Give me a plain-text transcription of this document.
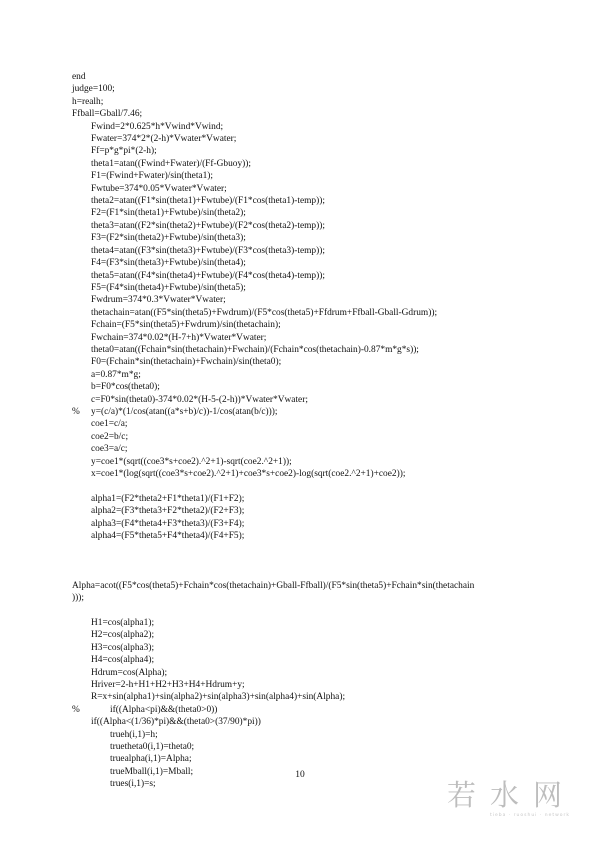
end
judge=100;
h=realh;
Ffball=Gball/7.46;
Fwind=2*0.625*h*Vwind*Vwind;
Fwater=374*2*(2-h)*Vwater*Vwater;
Ff=p*g*pi*(2-h);
theta1=atan((Fwind+Fwater)/(Ff-Gbuoy));
F1=(Fwind+Fwater)/sin(theta1);
Fwtube=374*0.05*Vwater*Vwater;
theta2=atan((F1*sin(theta1)+Fwtube)/(F1*cos(theta1)-temp));
F2=(F1*sin(theta1)+Fwtube)/sin(theta2);
theta3=atan((F2*sin(theta2)+Fwtube)/(F2*cos(theta2)-temp));
F3=(F2*sin(theta2)+Fwtube)/sin(theta3);
theta4=atan((F3*sin(theta3)+Fwtube)/(F3*cos(theta3)-temp));
F4=(F3*sin(theta3)+Fwtube)/sin(theta4);
theta5=atan((F4*sin(theta4)+Fwtube)/(F4*cos(theta4)-temp));
F5=(F4*sin(theta4)+Fwtube)/sin(theta5);
Fwdrum=374*0.3*Vwater*Vwater;
thetachain=atan((F5*sin(theta5)+Fwdrum)/(F5*cos(theta5)+Ffdrum+Ffball-Gball-Gdrum));
Fchain=(F5*sin(theta5)+Fwdrum)/sin(thetachain);
Fwchain=374*0.02*(H-7+h)*Vwater*Vwater;
theta0=atan((Fchain*sin(thetachain)+Fwchain)/(Fchain*cos(thetachain)-0.87*m*g*s));
F0=(Fchain*sin(thetachain)+Fwchain)/sin(theta0);
a=0.87*m*g;
b=F0*cos(theta0);
c=F0*sin(theta0)-374*0.02*(H-5-(2-h))*Vwater*Vwater;
% y=(c/a)*(1/cos(atan((a*s+b)/c))-1/cos(atan(b/c)));
coe1=c/a;
coe2=b/c;
coe3=a/c;
y=coe1*(sqrt((coe3*s+coe2).^2+1)-sqrt(coe2.^2+1));
x=coe1*(log(sqrt((coe3*s+coe2).^2+1)+coe3*s+coe2)-log(sqrt(coe2.^2+1)+coe2));
alpha1=(F2*theta2+F1*theta1)/(F1+F2);
alpha2=(F3*theta3+F2*theta2)/(F2+F3);
alpha3=(F4*theta4+F3*theta3)/(F3+F4);
alpha4=(F5*theta5+F4*theta4)/(F4+F5);
Alpha=acot((F5*cos(theta5)+Fchain*cos(thetachain)+Gball-Ffball)/(F5*sin(theta5)+Fchain*sin(thetachain
)));
H1=cos(alpha1);
H2=cos(alpha2);
H3=cos(alpha3);
H4=cos(alpha4);
Hdrum=cos(Alpha);
Hriver=2-h+H1+H2+H3+H4+Hdrum+y;
R=x+sin(alpha1)+sin(alpha2)+sin(alpha3)+sin(alpha4)+sin(Alpha);
%	if((Alpha<pi)&&(theta0>0))
if((Alpha<(1/36)*pi)&&(theta0>(37/90)*pi))
trueh(i,1)=h;
truetheta0(i,1)=theta0;
truealpha(i,1)=Alpha;
trueMball(i,1)=Mball;
trues(i,1)=s;
10
若水网
tieba · ruoshui · network
